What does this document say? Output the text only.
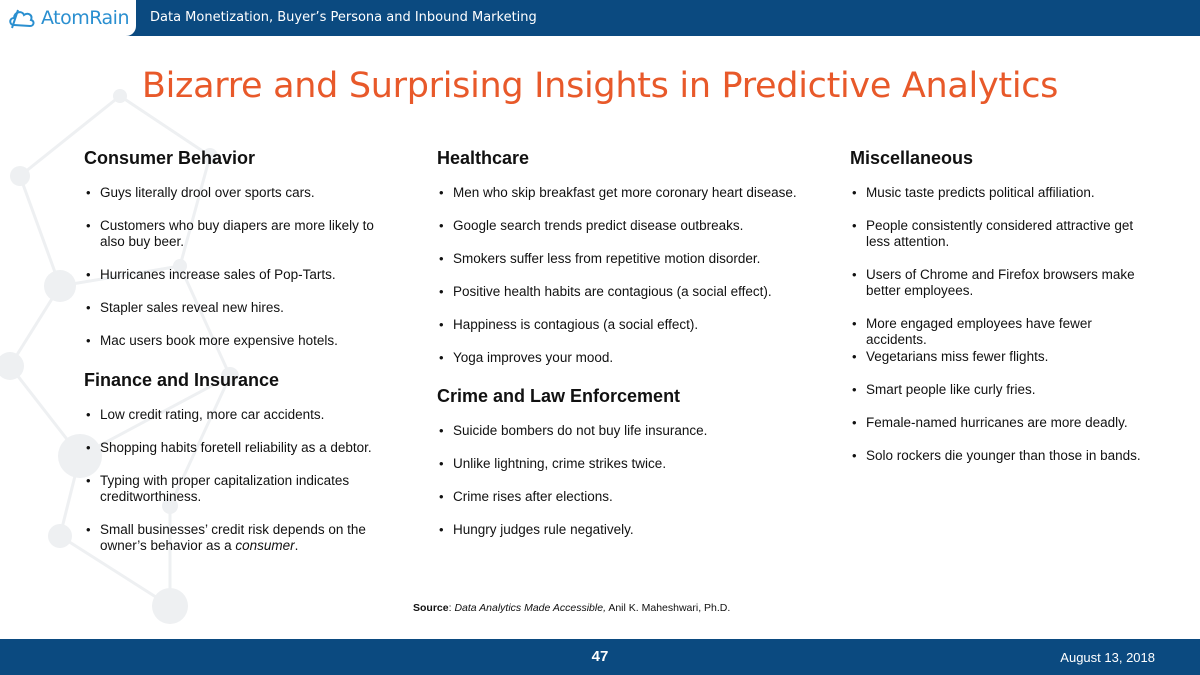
AtomRain Data Monetization, Buyer’s Persona and Inbound Marketing
Bizarre and Surprising Insights in Predictive Analytics
Consumer Behavior
• Guys literally drool over sports cars.
• Customers who buy diapers are more likely to also buy beer.
• Hurricanes increase sales of Pop-Tarts.
• Stapler sales reveal new hires.
• Mac users book more expensive hotels.
Finance and Insurance
• Low credit rating, more car accidents.
• Shopping habits foretell reliability as a debtor.
• Typing with proper capitalization indicates creditworthiness.
• Small businesses’ credit risk depends on the owner’s behavior as a consumer.
Healthcare
• Men who skip breakfast get more coronary heart disease.
• Google search trends predict disease outbreaks.
• Smokers suffer less from repetitive motion disorder.
• Positive health habits are contagious (a social effect).
• Happiness is contagious (a social effect).
• Yoga improves your mood.
Crime and Law Enforcement
• Suicide bombers do not buy life insurance.
• Unlike lightning, crime strikes twice.
• Crime rises after elections.
• Hungry judges rule negatively.
Miscellaneous
• Music taste predicts political affiliation.
• People consistently considered attractive get less attention.
• Users of Chrome and Firefox browsers make better employees.
• More engaged employees have fewer accidents.
• Vegetarians miss fewer flights.
• Smart people like curly fries.
• Female-named hurricanes are more deadly.
• Solo rockers die younger than those in bands.
Source: Data Analytics Made Accessible, Anil K. Maheshwari, Ph.D.
47	August 13, 2018
